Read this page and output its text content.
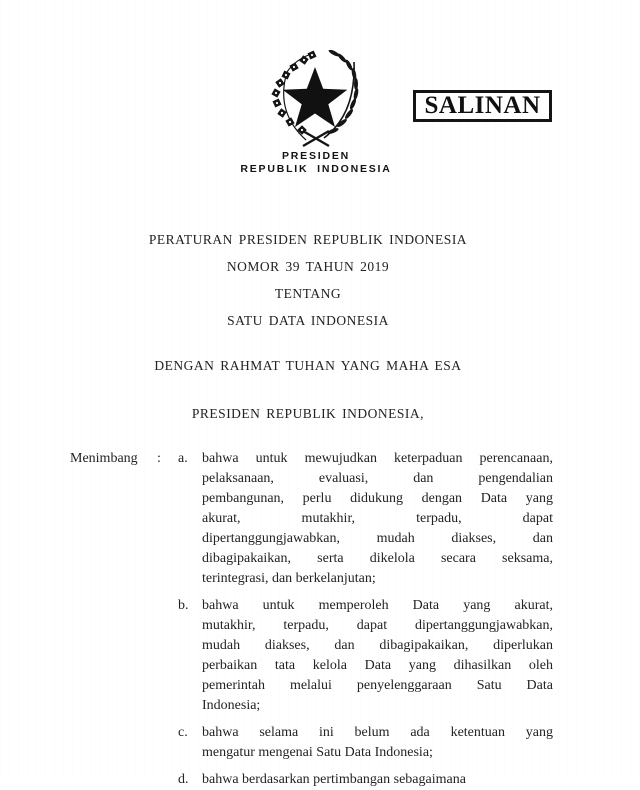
SALINAN
PRESIDEN
REPUBLIK INDONESIA
PERATURAN PRESIDEN REPUBLIK INDONESIA
NOMOR 39 TAHUN 2019
TENTANG
SATU DATA INDONESIA
DENGAN RAHMAT TUHAN YANG MAHA ESA
PRESIDEN REPUBLIK INDONESIA,
Menimbang	:	a.	bahwa untuk mewujudkan keterpaduan perencanaan,
pelaksanaan, evaluasi, dan pengendalian
pembangunan, perlu didukung dengan Data yang
akurat, mutakhir, terpadu, dapat
dipertanggungjawabkan, mudah diakses, dan
dibagipakaikan, serta dikelola secara seksama,
terintegrasi, dan berkelanjutan;
b. bahwa untuk memperoleh Data yang akurat,
mutakhir, terpadu, dapat dipertanggungjawabkan,
mudah diakses, dan dibagipakaikan, diperlukan
perbaikan tata kelola Data yang dihasilkan oleh
pemerintah melalui penyelenggaraan Satu Data
Indonesia;
c.	bahwa selama ini belum ada ketentuan yang
mengatur mengenai Satu Data Indonesia;
d. bahwa berdasarkan pertimbangan sebagaimana
